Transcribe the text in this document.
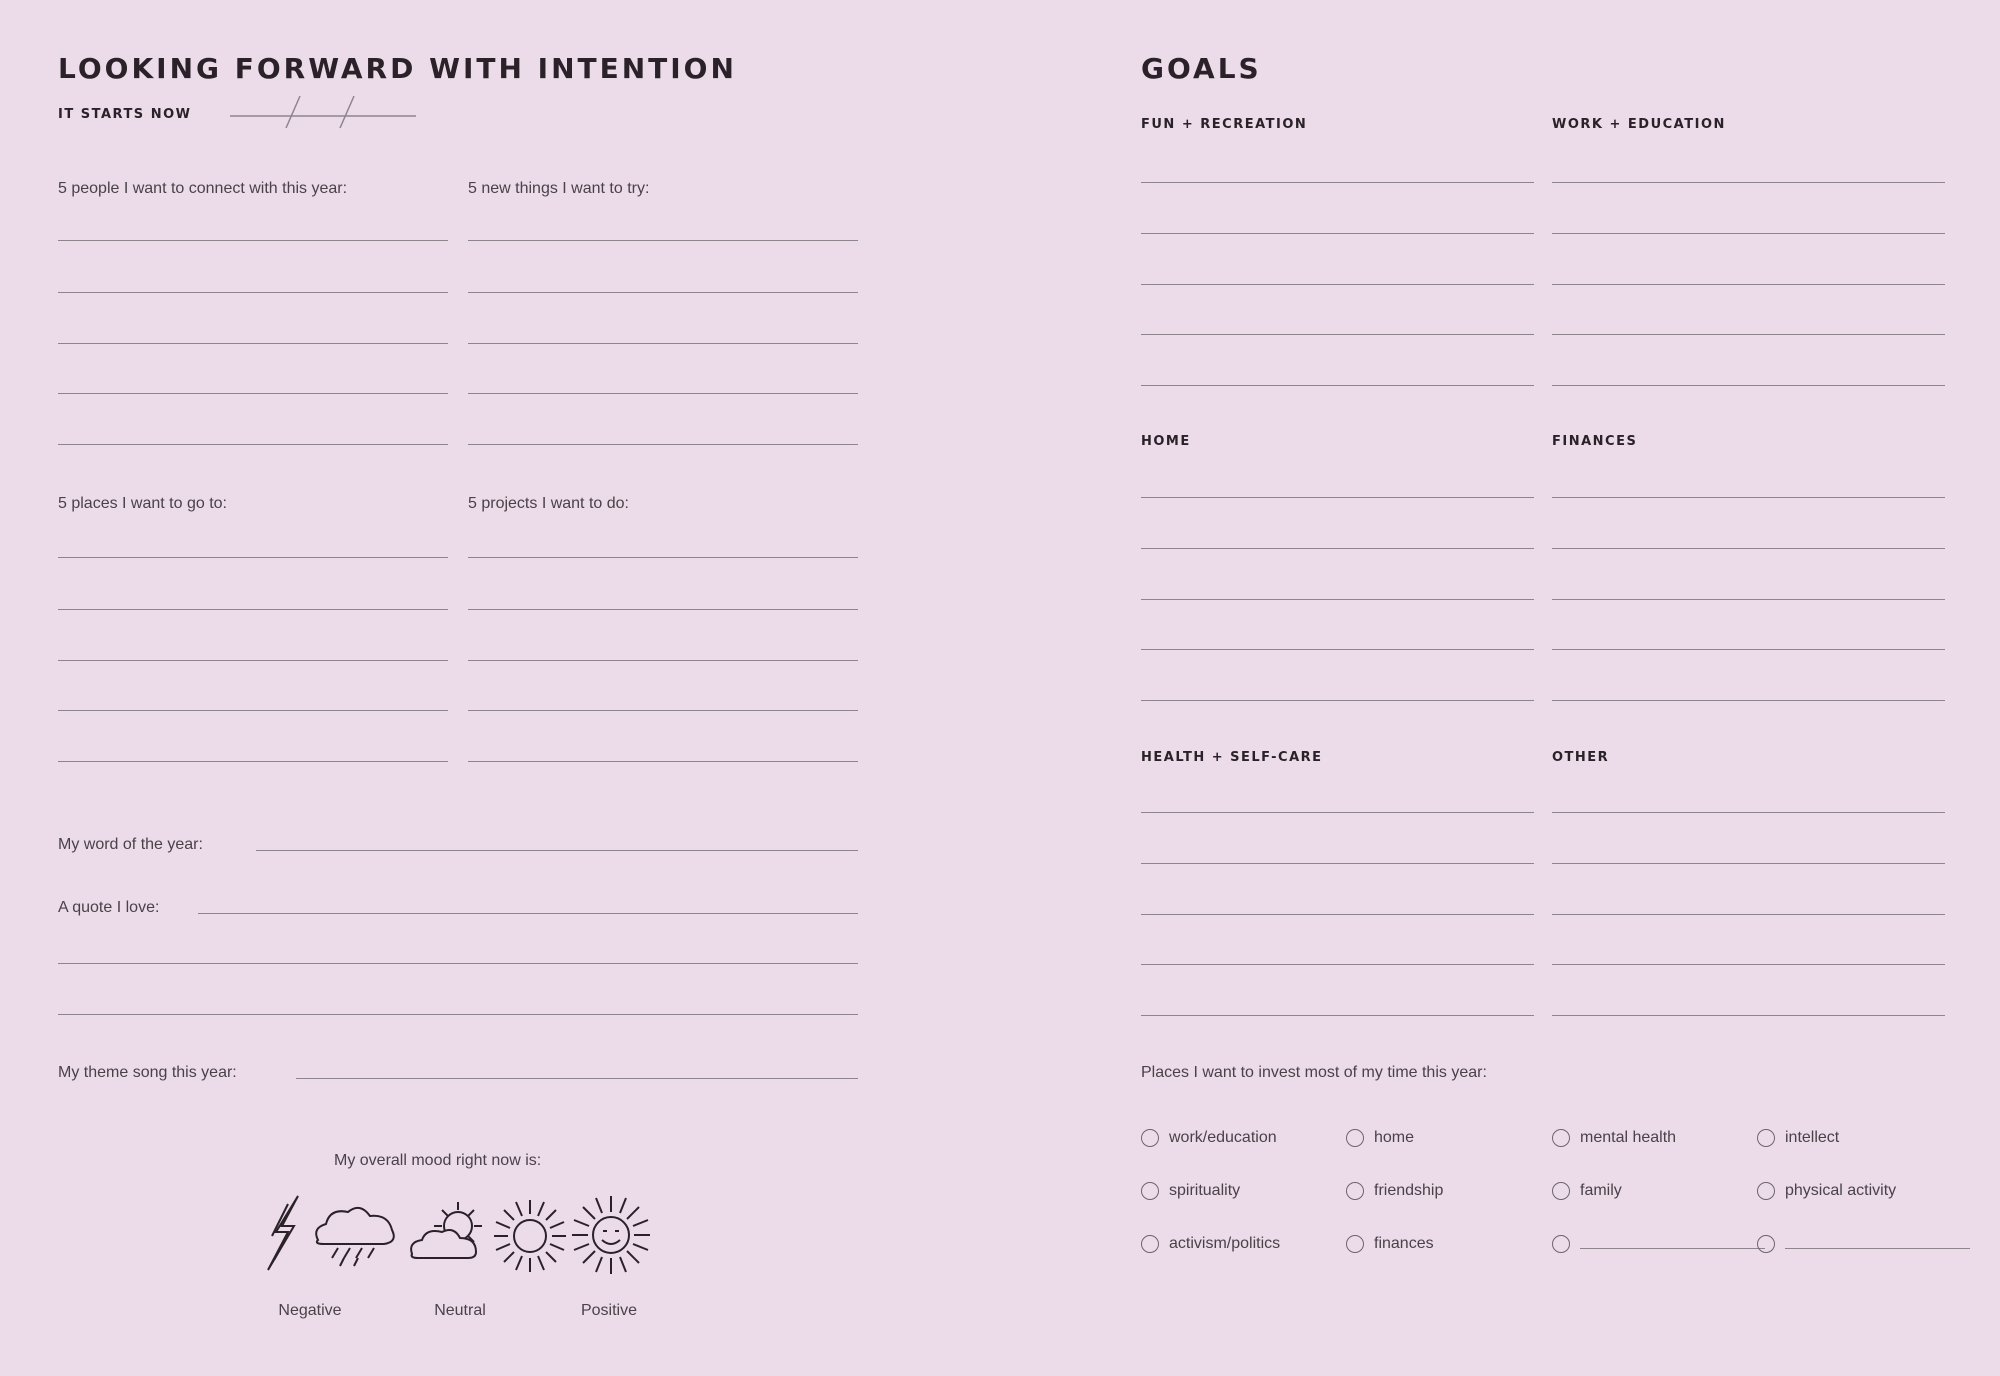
LOOKING FORWARD WITH INTENTION
IT STARTS NOW
5 people I want to connect with this year:	5 new things I want to try:
5 places I want to go to:	5 projects I want to do:
My word of the year:
A quote I love:
My theme song this year:
My overall mood right now is:
Negative	Neutral	Positive
GOALS
FUN + RECREATION	WORK + EDUCATION
HOME	FINANCES
HEALTH + SELF-CARE	OTHER
Places I want to invest most of my time this year:
work/education	home	mental health	intellect
spirituality	friendship	family	physical activity
activism/politics	finances
